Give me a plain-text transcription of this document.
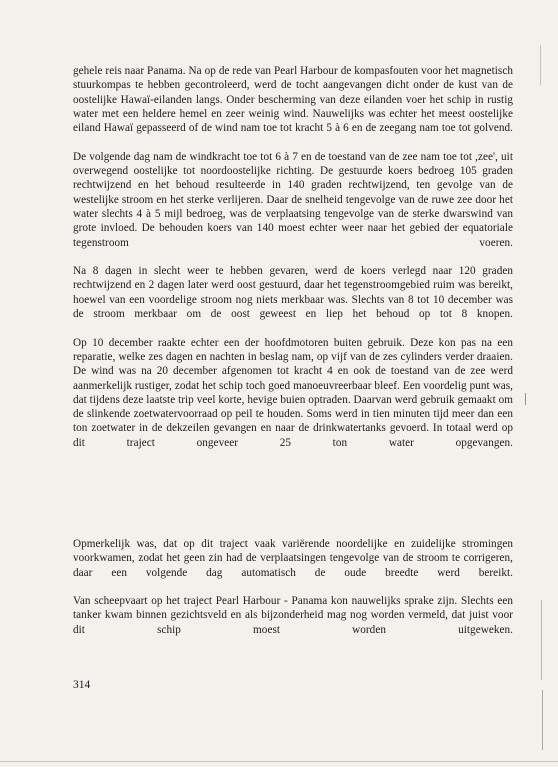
gehele reis naar Panama. Na op de rede van Pearl Harbour de kompasfouten voor het magnetisch stuurkompas te hebben gecontroleerd, werd de tocht aangevangen dicht onder de kust van de oostelijke Hawaï-eilanden langs. Onder bescherming van deze eilanden voer het schip in rustig water met een heldere hemel en zeer weinig wind. Nauwelijks was echter het meest oostelijke eiland Hawaï gepasseerd of de wind nam toe tot kracht 5 à 6 en de zeegang nam toe tot golvend.

De volgende dag nam de windkracht toe tot 6 à 7 en de toestand van de zee nam toe tot ,zee', uit overwegend oostelijke tot noordoostelijke richting. De gestuurde koers bedroeg 105 graden rechtwijzend en het behoud resulteerde in 140 graden rechtwijzend, ten gevolge van de westelijke stroom en het sterke verlijeren. Daar de snelheid tengevolge van de ruwe zee door het water slechts 4 à 5 mijl bedroeg, was de verplaatsing tengevolge van de sterke dwarswind van grote invloed. De behouden koers van 140 moest echter weer naar het gebied der equatoriale tegenstroom voeren.

Na 8 dagen in slecht weer te hebben gevaren, werd de koers verlegd naar 120 graden rechtwijzend en 2 dagen later werd oost gestuurd, daar het tegenstroomgebied ruim was bereikt, hoewel van een voordelige stroom nog niets merkbaar was. Slechts van 8 tot 10 december was de stroom merkbaar om de oost geweest en liep het behoud op tot 8 knopen.

Op 10 december raakte echter een der hoofdmotoren buiten gebruik. Deze kon pas na een reparatie, welke zes dagen en nachten in beslag nam, op vijf van de zes cylinders verder draaien. De wind was na 20 december afgenomen tot kracht 4 en ook de toestand van de zee werd aanmerkelijk rustiger, zodat het schip toch goed manoeuvreerbaar bleef. Een voordelig punt was, dat tijdens deze laatste trip veel korte, hevige buien optraden. Daarvan werd gebruik gemaakt om de slinkende zoetwatervoorraad op peil te houden. Soms werd in tien minuten tijd meer dan een ton zoetwater in de dekzeilen gevangen en naar de drinkwatertanks gevoerd. In totaal werd op dit traject ongeveer 25 ton water opgevangen.

Opmerkelijk was, dat op dit traject vaak variërende noordelijke en zuidelijke stromingen voorkwamen, zodat het geen zin had de verplaatsingen tengevolge van de stroom te corrigeren, daar een volgende dag automatisch de oude breedte werd bereikt.

Van scheepvaart op het traject Pearl Harbour - Panama kon nauwelijks sprake zijn. Slechts een tanker kwam binnen gezichtsveld en als bijzonderheid mag nog worden vermeld, dat juist voor dit schip moest worden uitgeweken.

314
